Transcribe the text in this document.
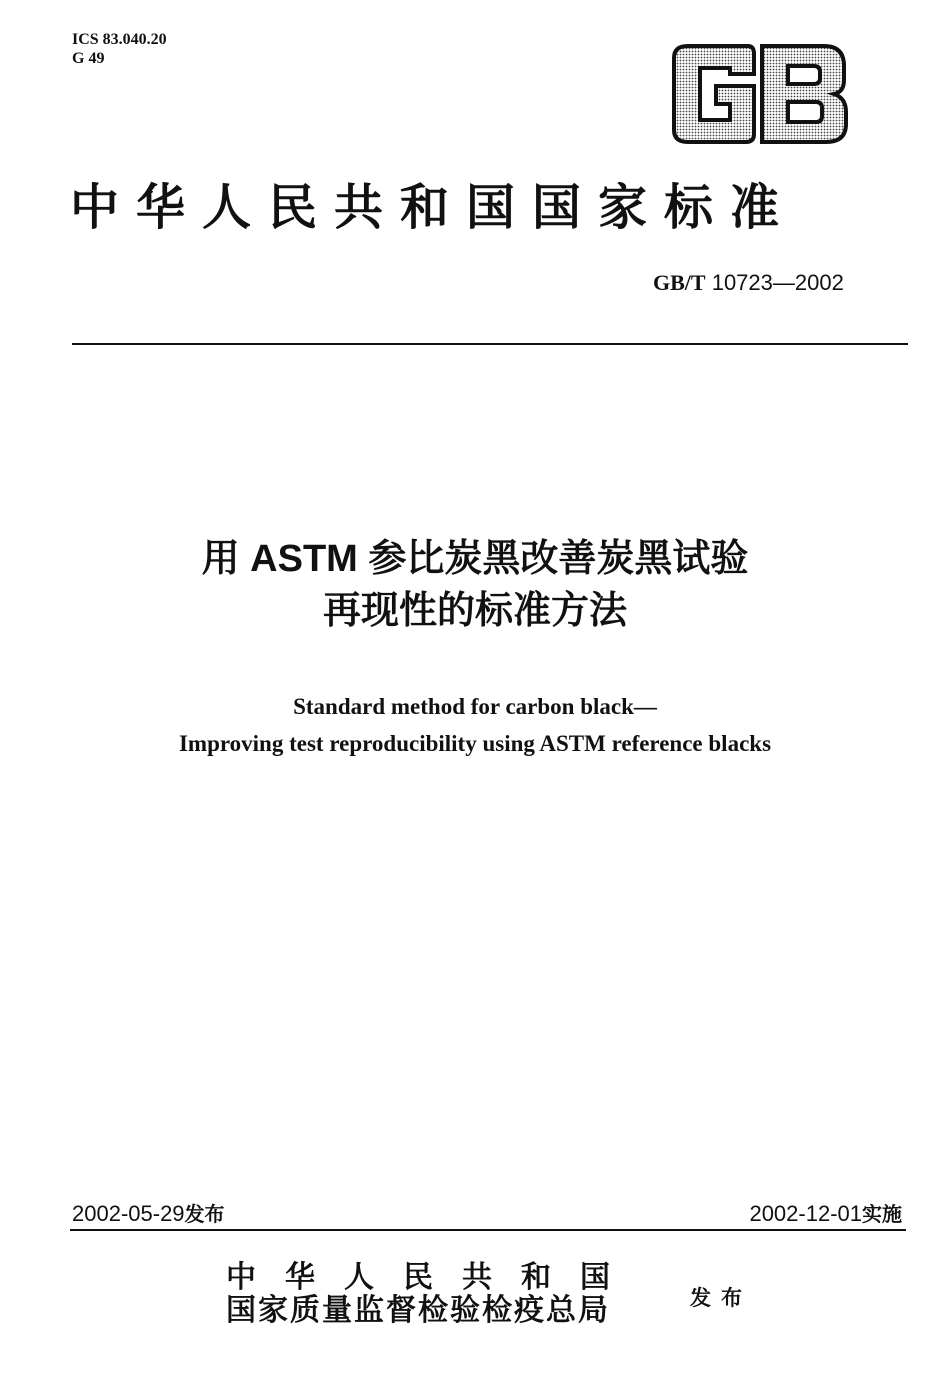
ICS 83.040.20
G 49
中华人民共和国国家标准
GB/T 10723—2002
用 ASTM 参比炭黑改善炭黑试验
再现性的标准方法
Standard method for carbon black—
Improving test reproducibility using ASTM reference blacks
2002-05-29发布	2002-12-01实施
中华人民共和国
国家质量监督检验检疫总局	发布
